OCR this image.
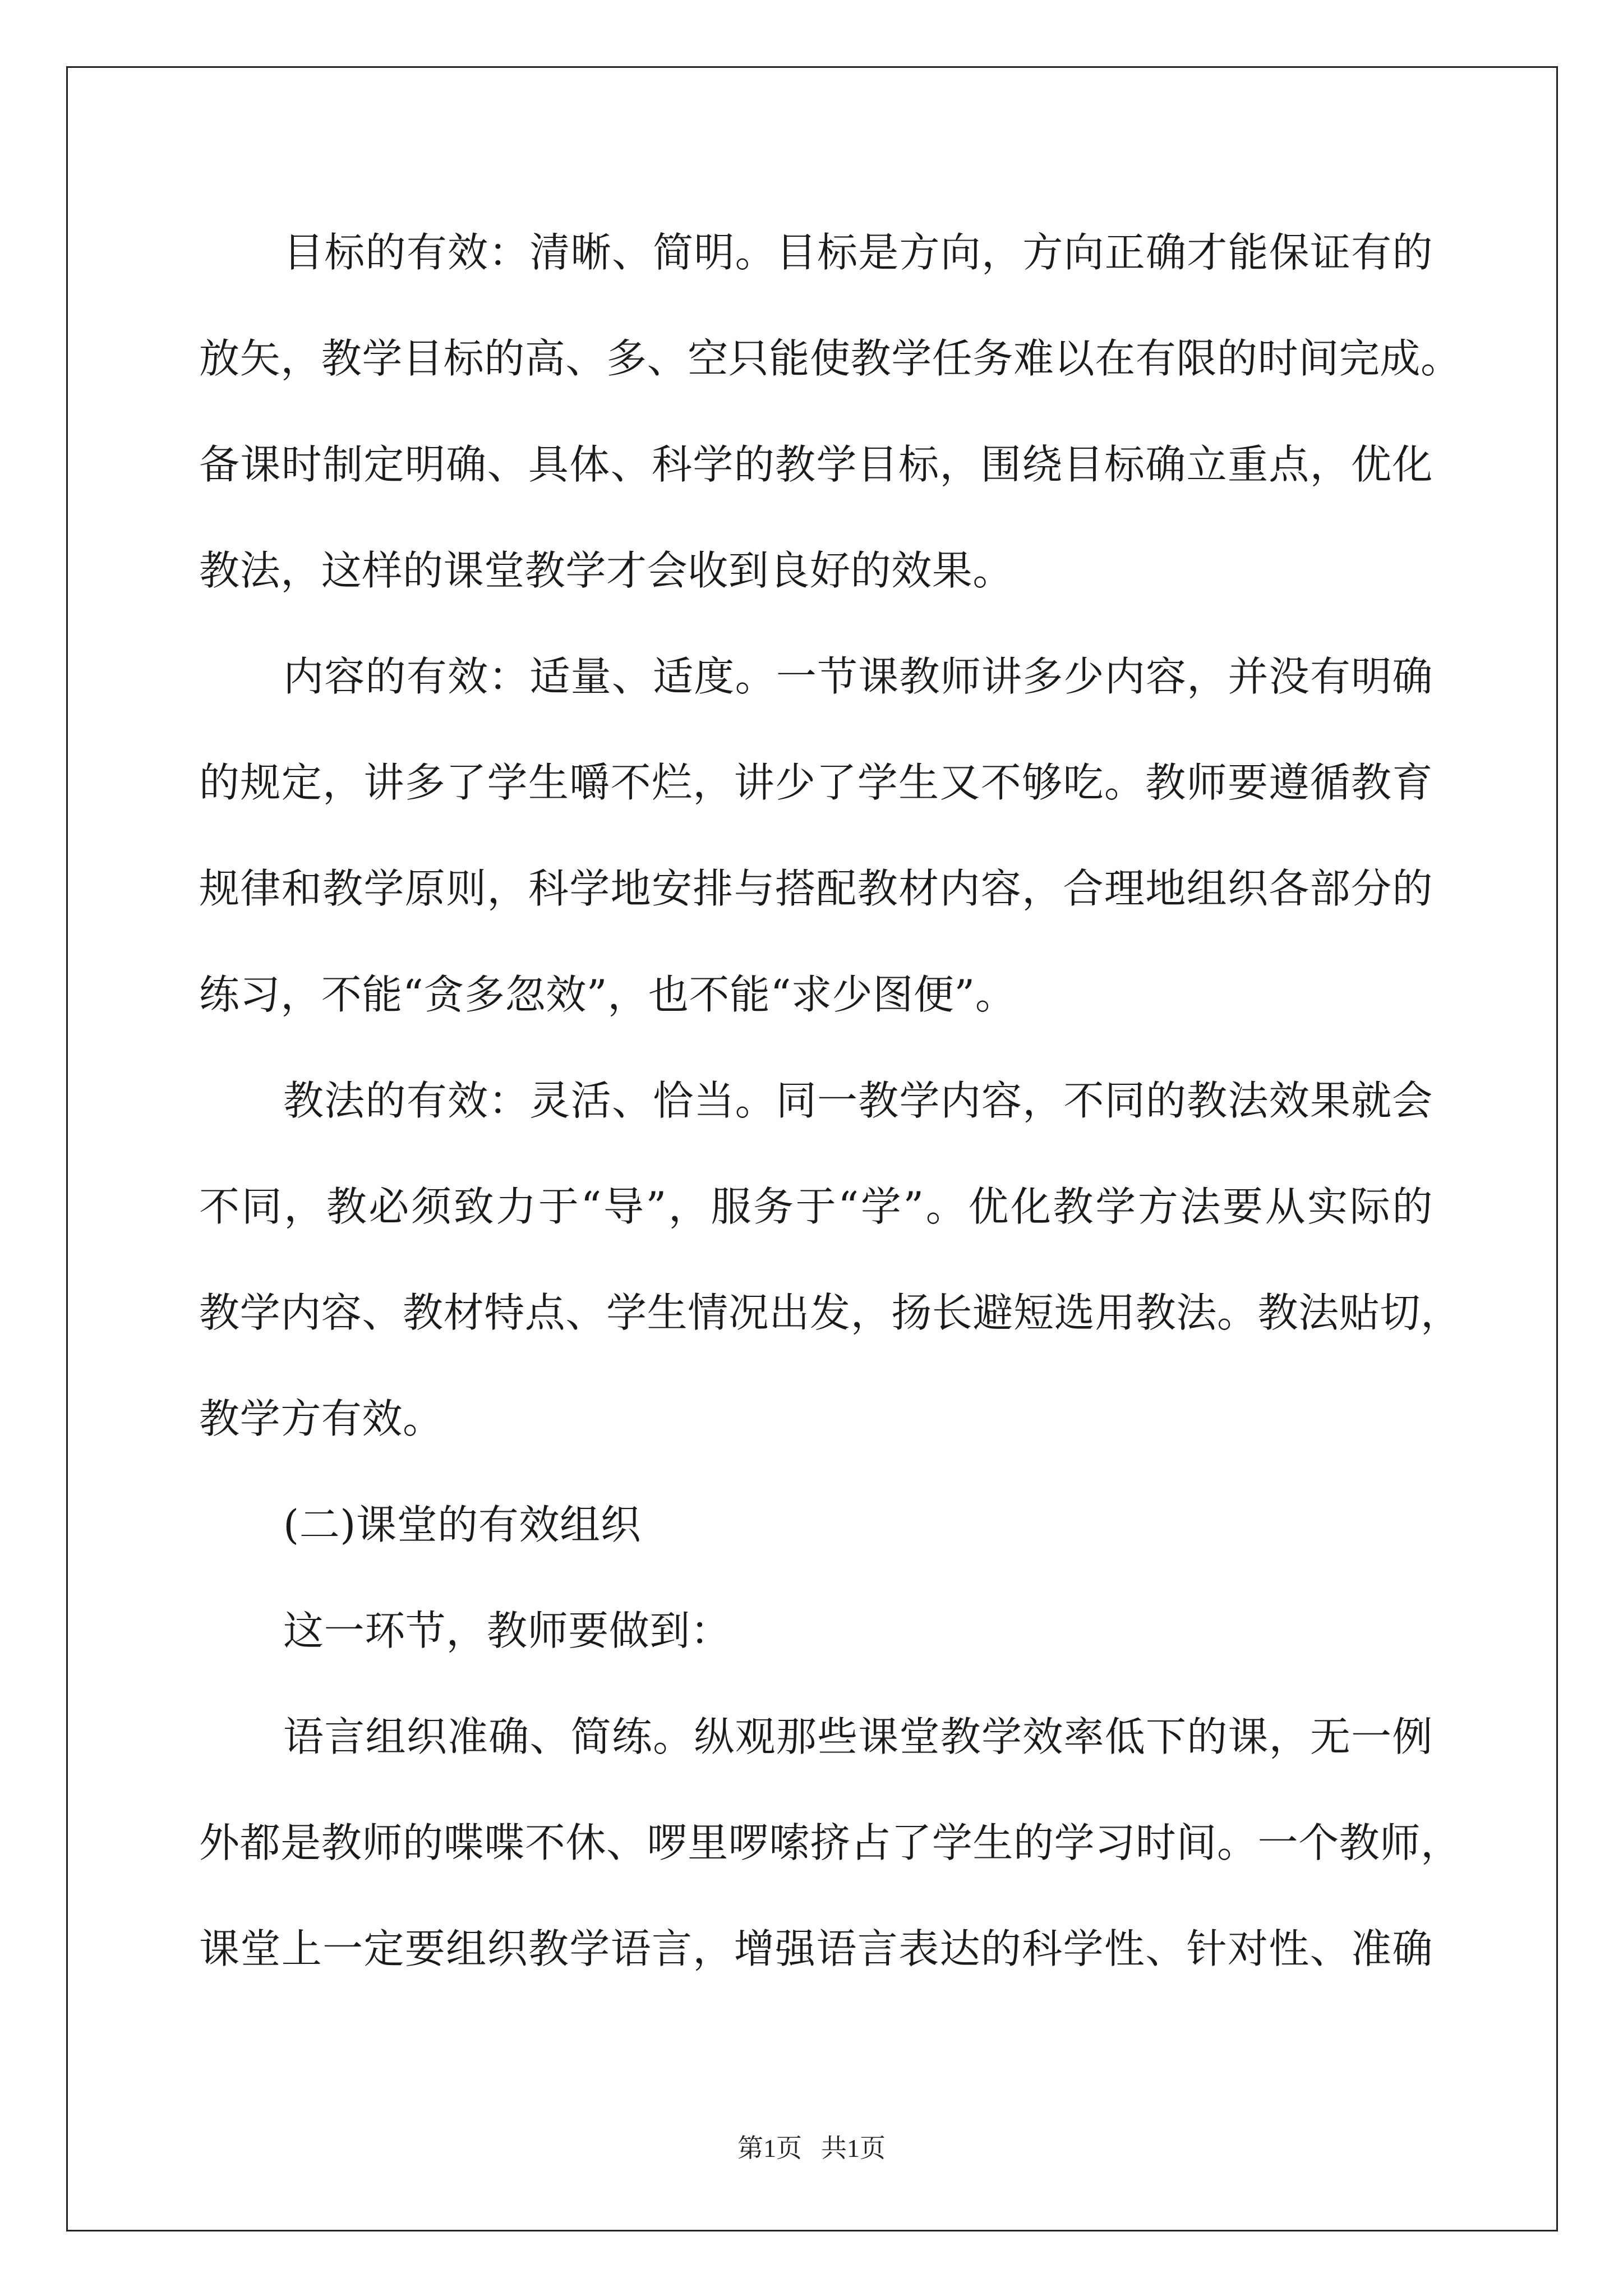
目标的有效：清晰、简明。目标是方向，方向正确才能保证有的
放矢，教学目标的高、多、空只能使教学任务难以在有限的时间完成。
备课时制定明确、具体、科学的教学目标，围绕目标确立重点，优化
教法，这样的课堂教学才会收到良好的效果。
内容的有效：适量、适度。一节课教师讲多少内容，并没有明确
的规定，讲多了学生嚼不烂，讲少了学生又不够吃。教师要遵循教育
规律和教学原则，科学地安排与搭配教材内容，合理地组织各部分的
练习，不能“贪多忽效”，也不能“求少图便”。
教法的有效：灵活、恰当。同一教学内容，不同的教法效果就会
不同，教必须致力于“导”，服务于“学”。优化教学方法要从实际的
教学内容、教材特点、学生情况出发，扬长避短选用教法。教法贴切，
教学方有效。
(二)课堂的有效组织
这一环节，教师要做到：
语言组织准确、简练。纵观那些课堂教学效率低下的课，无一例
外都是教师的喋喋不休、啰里啰嗦挤占了学生的学习时间。一个教师，
课堂上一定要组织教学语言，增强语言表达的科学性、针对性、准确
第1页 共1页
